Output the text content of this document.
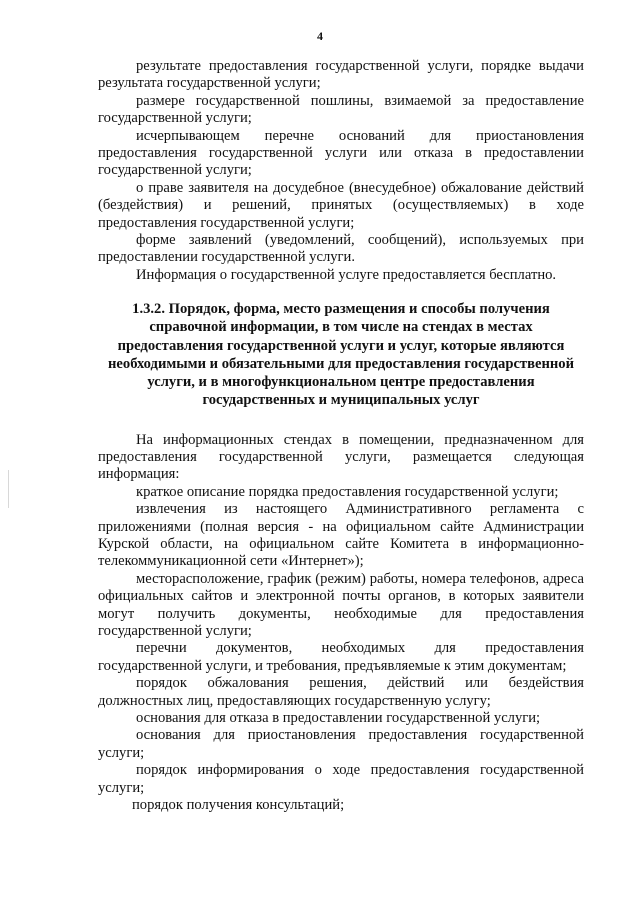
4

результате предоставления государственной услуги, порядке выдачи результата государственной услуги;

размере государственной пошлины, взимаемой за предоставление государственной услуги;

исчерпывающем перечне оснований для приостановления предоставления государственной услуги или отказа в предоставлении государственной услуги;

о праве заявителя на досудебное (внесудебное) обжалование действий (бездействия) и решений, принятых (осуществляемых) в ходе предоставления государственной услуги;

форме заявлений (уведомлений, сообщений), используемых при предоставлении государственной услуги.

Информация о государственной услуге предоставляется бесплатно.

1.3.2. Порядок, форма, место размещения и способы получения справочной информации, в том числе на стендах в местах предоставления государственной услуги и услуг, которые являются необходимыми и обязательными для предоставления государственной услуги, и в многофункциональном центре предоставления государственных и муниципальных услуг

На информационных стендах в помещении, предназначенном для предоставления государственной услуги, размещается следующая информация:

краткое описание порядка предоставления государственной услуги;

извлечения из настоящего Административного регламента с приложениями (полная версия - на официальном сайте Администрации Курской области, на официальном сайте Комитета в информационно-телекоммуникационной сети «Интернет»);

месторасположение, график (режим) работы, номера телефонов, адреса официальных сайтов и электронной почты органов, в которых заявители могут получить документы, необходимые для предоставления государственной услуги;

перечни документов, необходимых для предоставления государственной услуги, и требования, предъявляемые к этим документам;

порядок обжалования решения, действий или бездействия должностных лиц, предоставляющих государственную услугу;

основания для отказа в предоставлении государственной услуги;

основания для приостановления предоставления государственной услуги;

порядок информирования о ходе предоставления государственной услуги;

порядок получения консультаций;
